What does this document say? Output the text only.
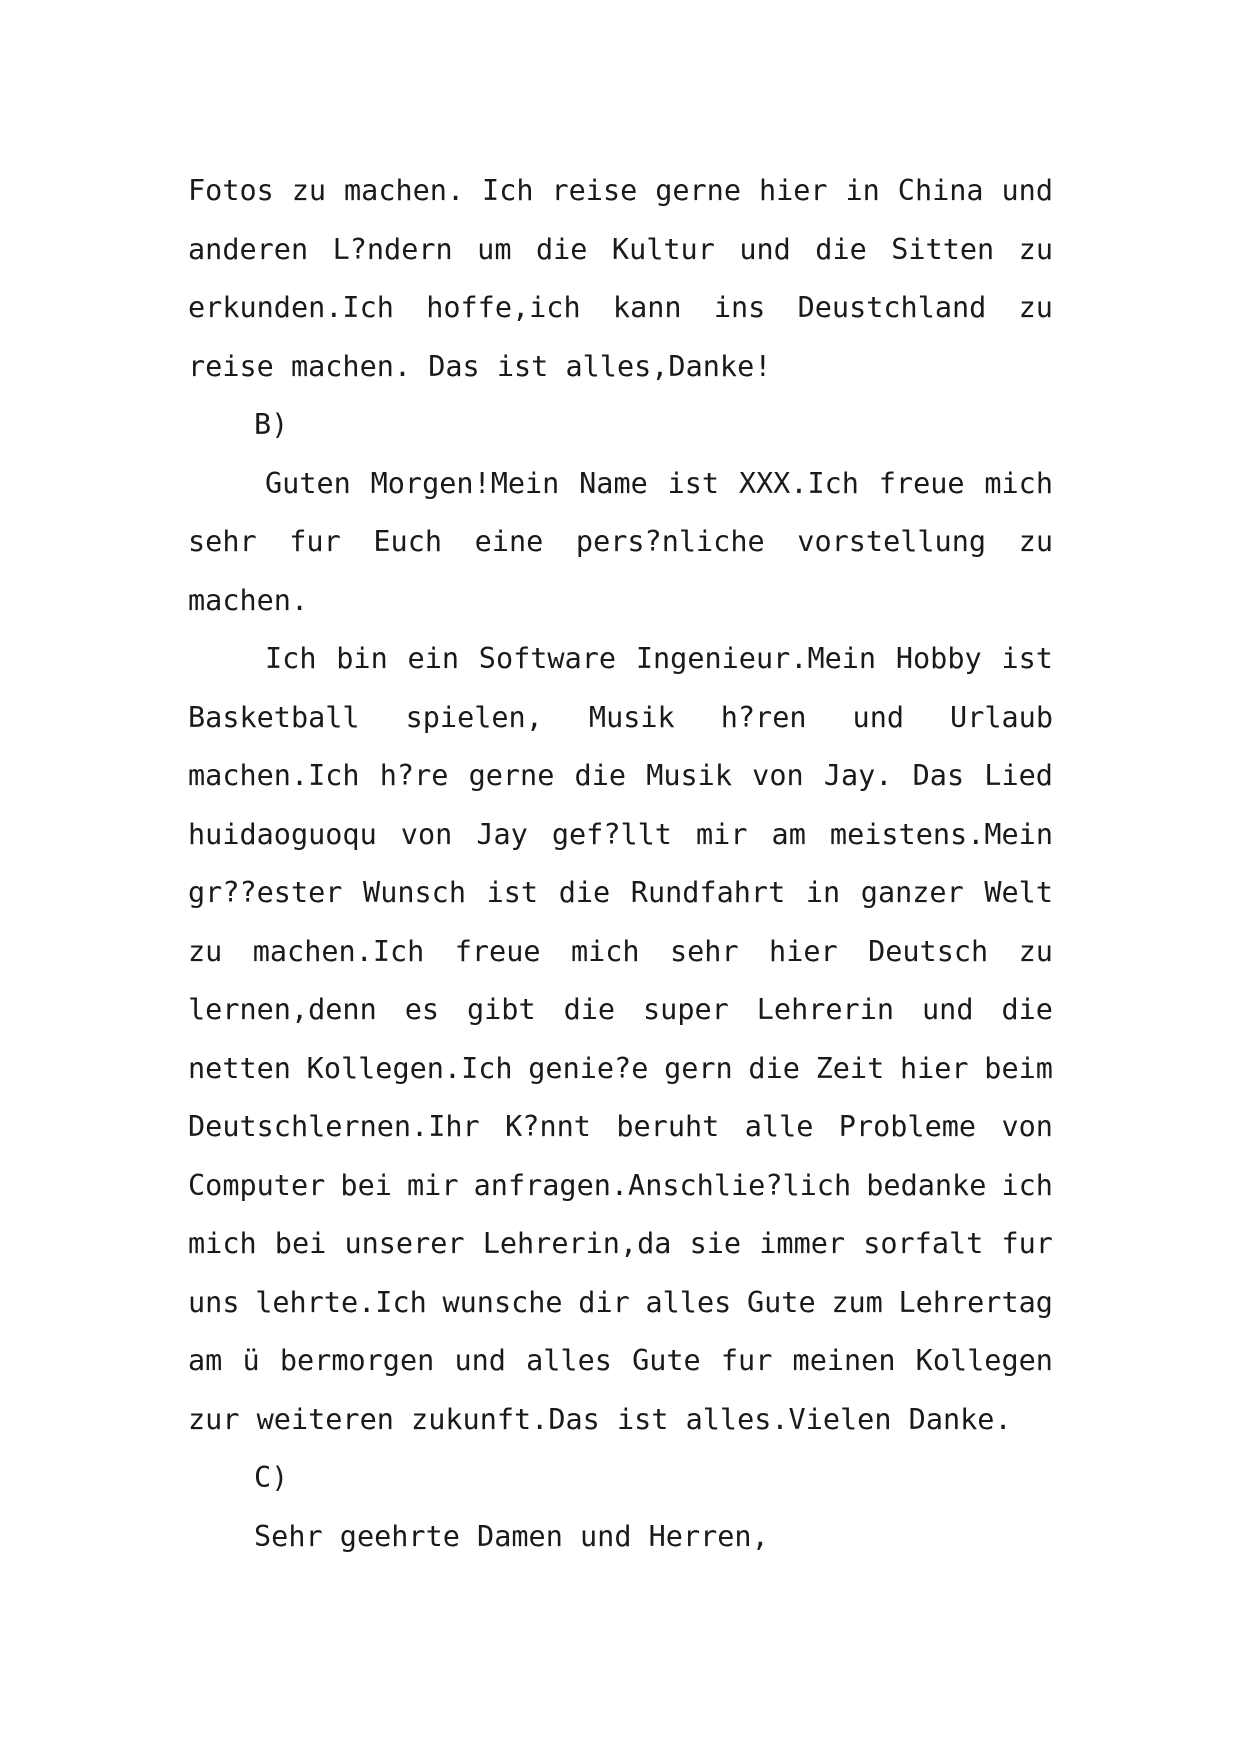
Fotos zu machen. Ich reise gerne hier in China und
anderen L?ndern um die Kultur und die Sitten zu
erkunden.Ich hoffe,ich kann ins Deustchland zu
reise machen. Das ist alles,Danke!
B)
Guten Morgen!Mein Name ist XXX.Ich freue mich
sehr fur Euch eine pers?nliche vorstellung zu
machen.
Ich bin ein Software Ingenieur.Mein Hobby ist
Basketball spielen, Musik h?ren und Urlaub
machen.Ich h?re gerne die Musik von Jay. Das Lied
huidaoguoqu von Jay gef?llt mir am meistens.Mein
gr??ester Wunsch ist die Rundfahrt in ganzer Welt
zu machen.Ich freue mich sehr hier Deutsch zu
lernen,denn es gibt die super Lehrerin und die
netten Kollegen.Ich genie?e gern die Zeit hier beim
Deutschlernen.Ihr K?nnt beruht alle Probleme von
Computer bei mir anfragen.Anschlie?lich bedanke ich
mich bei unserer Lehrerin,da sie immer sorfalt fur
uns lehrte.Ich wunsche dir alles Gute zum Lehrertag
am ü bermorgen und alles Gute fur meinen Kollegen
zur weiteren zukunft.Das ist alles.Vielen Danke.
C)
Sehr geehrte Damen und Herren,
